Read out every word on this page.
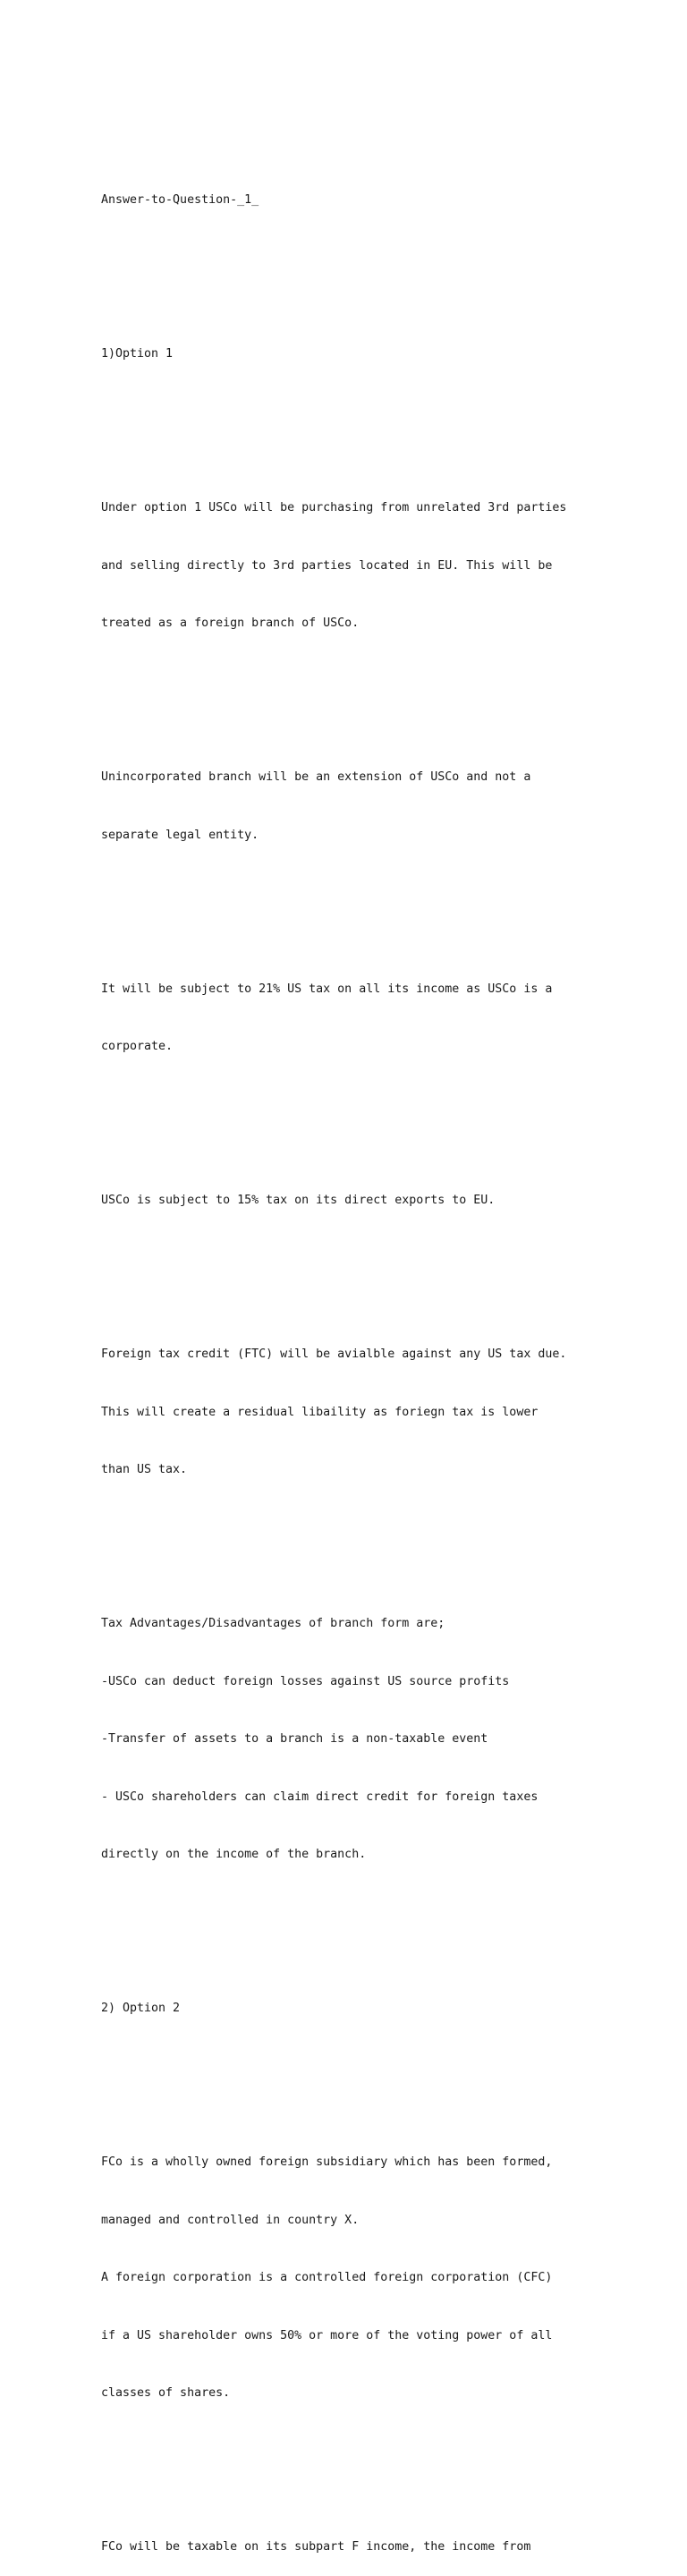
Answer-to-Question-_1_

1)Option 1

Under option 1 USCo will be purchasing from unrelated 3rd parties

and selling directly to 3rd parties located in EU. This will be

treated as a foreign branch of USCo.

Unincorporated branch will be an extension of USCo and not a

separate legal entity.

It will be subject to 21% US tax on all its income as USCo is a

corporate.

USCo is subject to 15% tax on its direct exports to EU.

Foreign tax credit (FTC) will be avialble against any US tax due.

This will create a residual libaility as foriegn tax is lower

than US tax.

Tax Advantages/Disadvantages of branch form are;

-USCo can deduct foreign losses against US source profits

-Transfer of assets to a branch is a non-taxable event

- USCo shareholders can claim direct credit for foreign taxes

directly on the income of the branch.

2) Option 2

FCo is a wholly owned foreign subsidiary which has been formed,

managed and controlled in country X.

A foreign corporation is a controlled foreign corporation (CFC)

if a US shareholder owns 50% or more of the voting power of all

classes of shares.

FCo will be taxable on its subpart F income, the income from
